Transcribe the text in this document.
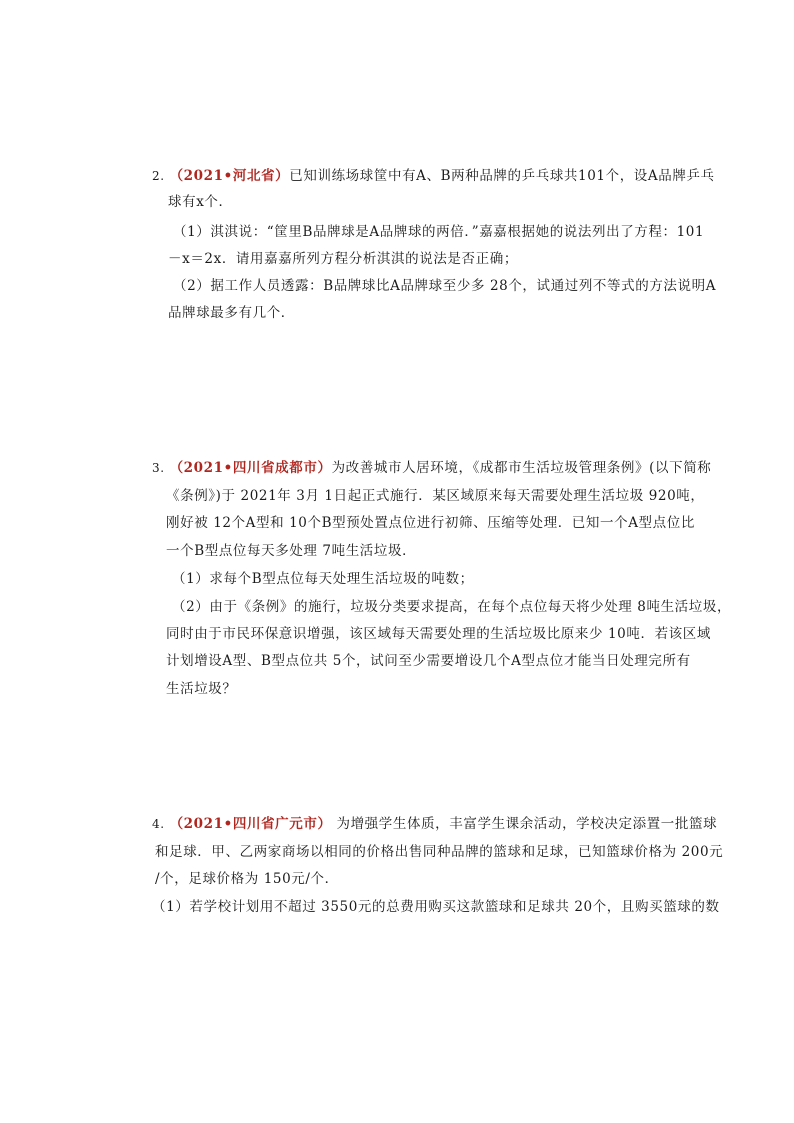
2. （2021•河北省）已知训练场球筐中有A、B两种品牌的乒乓球共101个，设A品牌乒乓
球有x个．
（1）淇淇说：“筐里B品牌球是A品牌球的两倍．”嘉嘉根据她的说法列出了方程：101
－x＝2x．请用嘉嘉所列方程分析淇淇的说法是否正确；
（2）据工作人员透露：B品牌球比A品牌球至少多 28个，试通过列不等式的方法说明A
品牌球最多有几个．
3. （2021•四川省成都市）为改善城市人居环境，《成都市生活垃圾管理条例》(以下简称
《条例》)于 2021年 3月 1日起正式施行．某区域原来每天需要处理生活垃圾 920吨，
刚好被 12个A型和 10个B型预处置点位进行初筛、压缩等处理．已知一个A型点位比
一个B型点位每天多处理 7吨生活垃圾．
（1）求每个B型点位每天处理生活垃圾的吨数；
（2）由于《条例》的施行，垃圾分类要求提高，在每个点位每天将少处理 8吨生活垃圾，
同时由于市民环保意识增强，该区域每天需要处理的生活垃圾比原来少 10吨．若该区域
计划增设A型、B型点位共 5个，试问至少需要增设几个A型点位才能当日处理完所有
生活垃圾？
4. （2021•四川省广元市） 为增强学生体质，丰富学生课余活动，学校决定添置一批篮球
和足球．甲、乙两家商场以相同的价格出售同种品牌的篮球和足球，已知篮球价格为 200元
/个，足球价格为 150元/个．
（1）若学校计划用不超过 3550元的总费用购买这款篮球和足球共 20个，且购买篮球的数
